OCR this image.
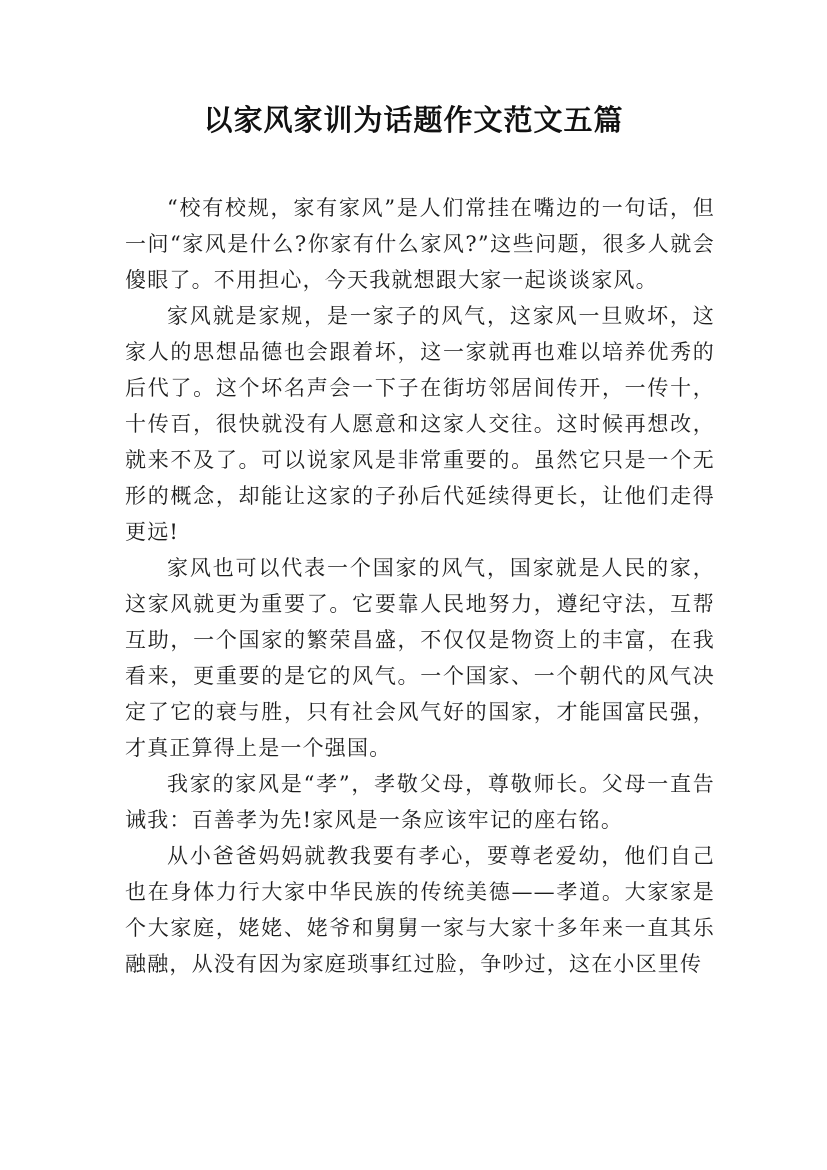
以家风家训为话题作文范文五篇

“校有校规，家有家风”是人们常挂在嘴边的一句话，但一问“家风是什么?你家有什么家风?”这些问题，很多人就会傻眼了。不用担心，今天我就想跟大家一起谈谈家风。

家风就是家规，是一家子的风气，这家风一旦败坏，这家人的思想品德也会跟着坏，这一家就再也难以培养优秀的后代了。这个坏名声会一下子在街坊邻居间传开，一传十，十传百，很快就没有人愿意和这家人交往。这时候再想改，就来不及了。可以说家风是非常重要的。虽然它只是一个无形的概念，却能让这家的子孙后代延续得更长，让他们走得更远!

家风也可以代表一个国家的风气，国家就是人民的家，这家风就更为重要了。它要靠人民地努力，遵纪守法，互帮互助，一个国家的繁荣昌盛，不仅仅是物资上的丰富，在我看来，更重要的是它的风气。一个国家、一个朝代的风气决定了它的衰与胜，只有社会风气好的国家，才能国富民强，才真正算得上是一个强国。

我家的家风是“孝”，孝敬父母，尊敬师长。父母一直告诫我：百善孝为先!家风是一条应该牢记的座右铭。

从小爸爸妈妈就教我要有孝心，要尊老爱幼，他们自己也在身体力行大家中华民族的传统美德——孝道。大家家是个大家庭，姥姥、姥爷和舅舅一家与大家十多年来一直其乐融融，从没有因为家庭琐事红过脸，争吵过，这在小区里传
